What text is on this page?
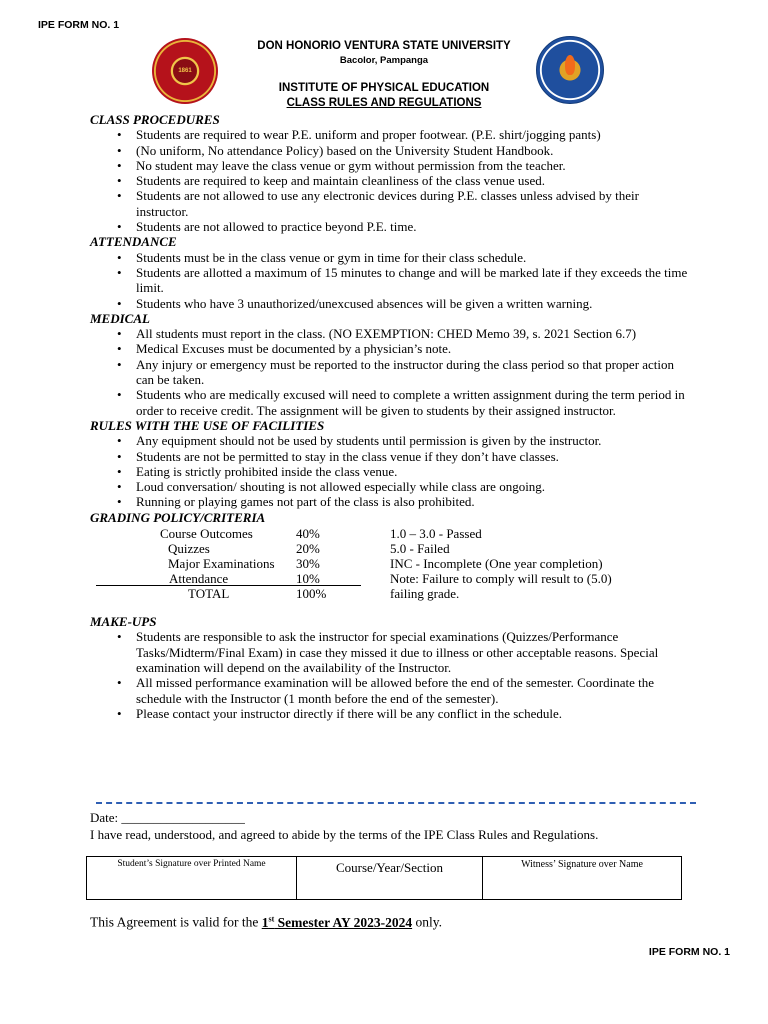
IPE FORM NO. 1
1861
DON HONORIO VENTURA STATE UNIVERSITY
Bacolor, Pampanga
INSTITUTE OF PHYSICAL EDUCATION
CLASS RULES AND REGULATIONS

CLASS PROCEDURES

• Students are required to wear P.E. uniform and proper footwear. (P.E. shirt/jogging pants)
• (No uniform, No attendance Policy) based on the University Student Handbook.
• No student may leave the class venue or gym without permission from the teacher.
• Students are required to keep and maintain cleanliness of the class venue used.
• Students are not allowed to use any electronic devices during P.E. classes unless advised by their instructor.
• Students are not allowed to practice beyond P.E. time.

ATTENDANCE

• Students must be in the class venue or gym in time for their class schedule.
• Students are allotted a maximum of 15 minutes to change and will be marked late if they exceeds the time limit.
• Students who have 3 unauthorized/unexcused absences will be given a written warning.

MEDICAL

• All students must report in the class. (NO EXEMPTION: CHED Memo 39, s. 2021 Section 6.7)
• Medical Excuses must be documented by a physician’s note.
• Any injury or emergency must be reported to the instructor during the class period so that proper action can be taken.
• Students who are medically excused will need to complete a written assignment during the term period in order to receive credit. The assignment will be given to students by their assigned instructor.

RULES WITH THE USE OF FACILITIES

• Any equipment should not be used by students until permission is given by the instructor.
• Students are not be permitted to stay in the class venue if they don’t have classes.
• Eating is strictly prohibited inside the class venue.
• Loud conversation/ shouting is not allowed especially while class are ongoing.
• Running or playing games not part of the class is also prohibited.

GRADING POLICY/CRITERIA

Course Outcomes	40%	1.0 – 3.0 - Passed
Quizzes	20%	5.0 - Failed
Major Examinations 30%	INC - Incomplete (One year completion)
Attendance	10%	Note: Failure to comply will result to (5.0)
TOTAL	100%	failing grade.

MAKE-UPS

• Students are responsible to ask the instructor for special examinations (Quizzes/Performance Tasks/Midterm/Final Exam) in case they missed it due to illness or other acceptable reasons. Special examination will depend on the availability of the Instructor.
• All missed performance examination will be allowed before the end of the semester. Coordinate the schedule with the Instructor (1 month before the end of the semester).
• Please contact your instructor directly if there will be any conflict in the schedule.
Date: ___________________
I have read, understood, and agreed to abide by the terms of the IPE Class Rules and Regulations.
Student’s Signature over Printed Name	Course/Year/Section	Witness’ Signature over Name
This Agreement is valid for the 1st Semester AY 2023-2024 only.
IPE FORM NO. 1
